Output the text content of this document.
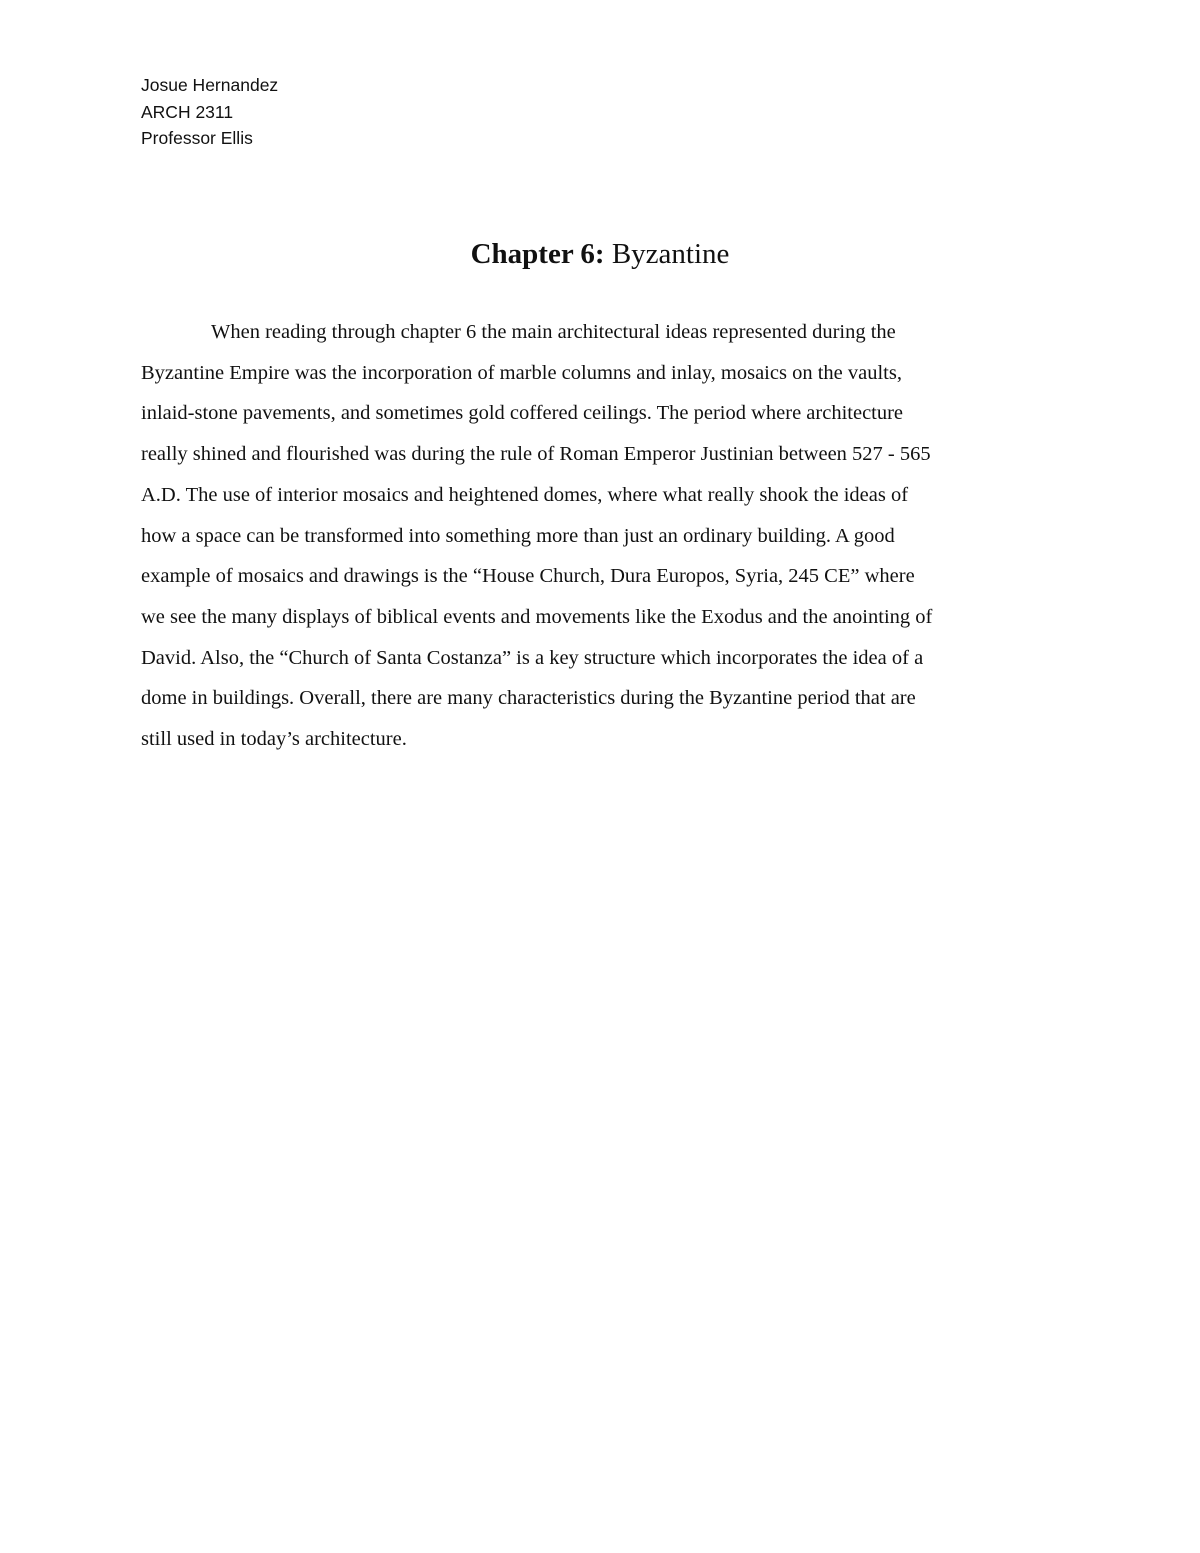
Josue Hernandez
ARCH 2311
Professor Ellis
Chapter 6: Byzantine
When reading through chapter 6 the main architectural ideas represented during the
Byzantine Empire was the incorporation of marble columns and inlay, mosaics on the vaults,
inlaid-stone pavements, and sometimes gold coffered ceilings. The period where architecture
really shined and flourished was during the rule of Roman Emperor Justinian between 527 - 565
A.D. The use of interior mosaics and heightened domes, where what really shook the ideas of
how a space can be transformed into something more than just an ordinary building. A good
example of mosaics and drawings is the “House Church, Dura Europos, Syria, 245 CE” where
we see the many displays of biblical events and movements like the Exodus and the anointing of
David. Also, the “Church of Santa Costanza” is a key structure which incorporates the idea of a
dome in buildings. Overall, there are many characteristics during the Byzantine period that are
still used in today’s architecture.
